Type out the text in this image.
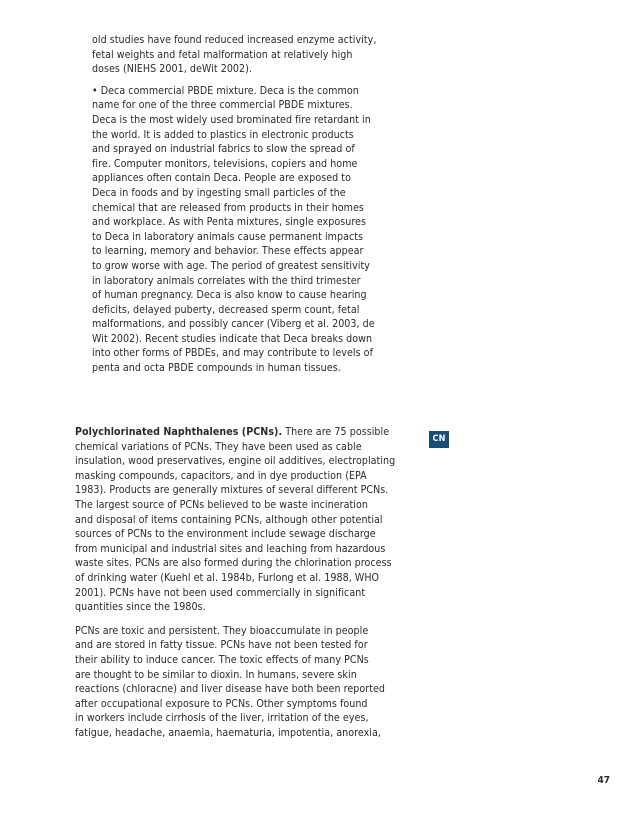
old studies have found reduced increased enzyme activity,
fetal weights and fetal malformation at relatively high
doses (NIEHS 2001, deWit 2002).
• Deca commercial PBDE mixture. Deca is the common
name for one of the three commercial PBDE mixtures.
Deca is the most widely used brominated fire retardant in
the world. It is added to plastics in electronic products
and sprayed on industrial fabrics to slow the spread of
fire. Computer monitors, televisions, copiers and home
appliances often contain Deca. People are exposed to
Deca in foods and by ingesting small particles of the
chemical that are released from products in their homes
and workplace. As with Penta mixtures, single exposures
to Deca in laboratory animals cause permanent impacts
to learning, memory and behavior. These effects appear
to grow worse with age. The period of greatest sensitivity
in laboratory animals correlates with the third trimester
of human pregnancy. Deca is also know to cause hearing
deficits, delayed puberty, decreased sperm count, fetal
malformations, and possibly cancer (Viberg et al. 2003, de
Wit 2002). Recent studies indicate that Deca breaks down
into other forms of PBDEs, and may contribute to levels of
penta and octa PBDE compounds in human tissues.
Polychlorinated Naphthalenes (PCNs). There are 75 possible
chemical variations of PCNs. They have been used as cable
insulation, wood preservatives, engine oil additives, electroplating
masking compounds, capacitors, and in dye production (EPA
1983). Products are generally mixtures of several different PCNs.
The largest source of PCNs believed to be waste incineration
and disposal of items containing PCNs, although other potential
sources of PCNs to the environment include sewage discharge
from municipal and industrial sites and leaching from hazardous
waste sites. PCNs are also formed during the chlorination process
of drinking water (Kuehl et al. 1984b, Furlong et al. 1988, WHO
2001). PCNs have not been used commercially in significant
quantities since the 1980s.
PCNs are toxic and persistent. They bioaccumulate in people
and are stored in fatty tissue. PCNs have not been tested for
their ability to induce cancer. The toxic effects of many PCNs
are thought to be similar to dioxin. In humans, severe skin
reactions (chloracne) and liver disease have both been reported
after occupational exposure to PCNs. Other symptoms found
in workers include cirrhosis of the liver, irritation of the eyes,
fatigue, headache, anaemia, haematuria, impotentia, anorexia,
CN
47
